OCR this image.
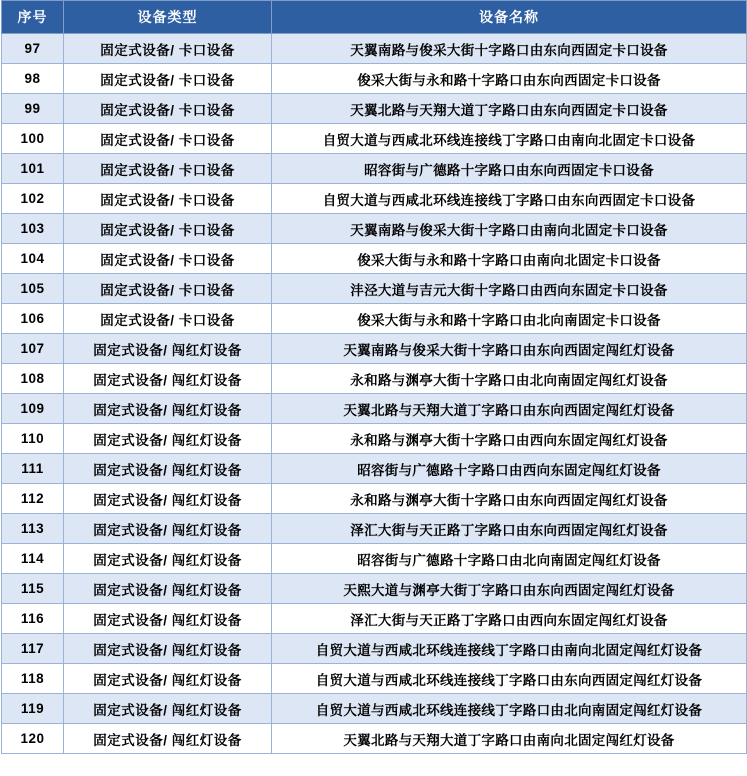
序号	设备类型	设备名称
97	固定式设备/ 卡口设备	天翼南路与俊采大街十字路口由东向西固定卡口设备
98	固定式设备/ 卡口设备	俊采大街与永和路十字路口由东向西固定卡口设备
99	固定式设备/ 卡口设备	天翼北路与天翔大道丁字路口由东向西固定卡口设备
100	固定式设备/ 卡口设备	自贸大道与西咸北环线连接线丁字路口由南向北固定卡口设备
101	固定式设备/ 卡口设备	昭容街与广德路十字路口由东向西固定卡口设备
102	固定式设备/ 卡口设备	自贸大道与西咸北环线连接线丁字路口由东向西固定卡口设备
103	固定式设备/ 卡口设备	天翼南路与俊采大街十字路口由南向北固定卡口设备
104	固定式设备/ 卡口设备	俊采大街与永和路十字路口由南向北固定卡口设备
105	固定式设备/ 卡口设备	沣泾大道与吉元大街十字路口由西向东固定卡口设备
106	固定式设备/ 卡口设备	俊采大街与永和路十字路口由北向南固定卡口设备
107	固定式设备/ 闯红灯设备	天翼南路与俊采大街十字路口由东向西固定闯红灯设备
108	固定式设备/ 闯红灯设备	永和路与渊亭大街十字路口由北向南固定闯红灯设备
109	固定式设备/ 闯红灯设备	天翼北路与天翔大道丁字路口由东向西固定闯红灯设备
110	固定式设备/ 闯红灯设备	永和路与渊亭大街十字路口由西向东固定闯红灯设备
111	固定式设备/ 闯红灯设备	昭容街与广德路十字路口由西向东固定闯红灯设备
112	固定式设备/ 闯红灯设备	永和路与渊亭大街十字路口由东向西固定闯红灯设备
113	固定式设备/ 闯红灯设备	泽汇大街与天正路丁字路口由东向西固定闯红灯设备
114	固定式设备/ 闯红灯设备	昭容街与广德路十字路口由北向南固定闯红灯设备
115	固定式设备/ 闯红灯设备	天熙大道与渊亭大街丁字路口由东向西固定闯红灯设备
116	固定式设备/ 闯红灯设备	泽汇大街与天正路丁字路口由西向东固定闯红灯设备
117	固定式设备/ 闯红灯设备	自贸大道与西咸北环线连接线丁字路口由南向北固定闯红灯设备
118	固定式设备/ 闯红灯设备	自贸大道与西咸北环线连接线丁字路口由东向西固定闯红灯设备
119	固定式设备/ 闯红灯设备	自贸大道与西咸北环线连接线丁字路口由北向南固定闯红灯设备
120	固定式设备/ 闯红灯设备	天翼北路与天翔大道丁字路口由南向北固定闯红灯设备
